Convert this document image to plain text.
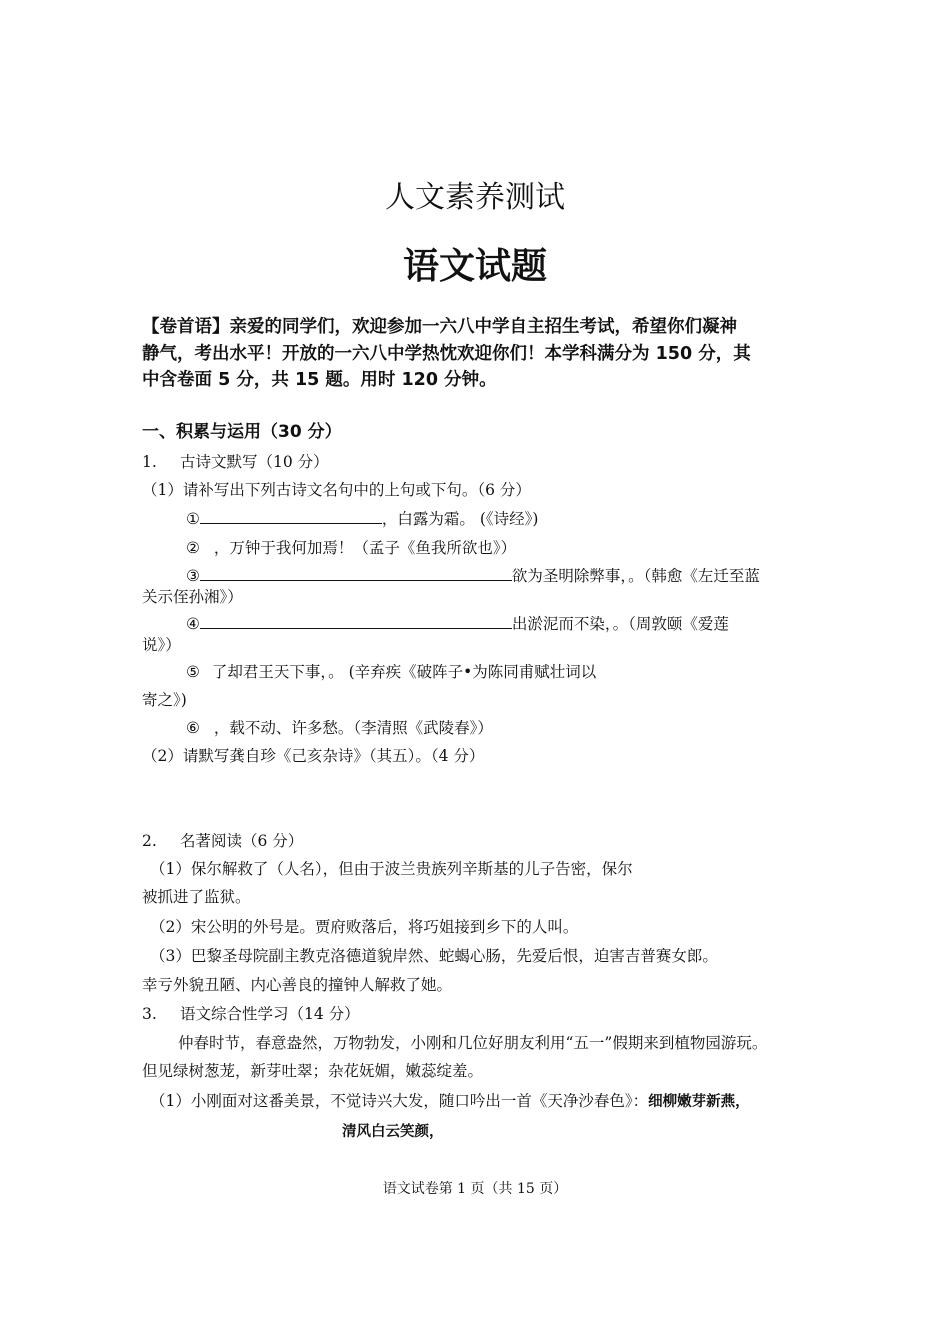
人文素养测试
语文试题
【卷首语】亲爱的同学们，欢迎参加一六八中学自主招生考试，希望你们凝神
静气，考出水平！开放的一六八中学热忱欢迎你们！本学科满分为 150 分，其
中含卷面 5 分，共 15 题。用时 120 分钟。
一、积累与运用（30 分）
1. 古诗文默写（10 分）
（1）请补写出下列古诗文名句中的上句或下句。（6 分）
①	，白露为霜。 (《诗经》)
② ，万钟于我何加焉！（孟子《鱼我所欲也》）
③	欲为圣明除弊事，。（韩愈《左迁至蓝
关示侄孙湘》）
④	出淤泥而不染，。（周敦颐《爱莲
说》）
⑤ 了却君王天下事，。 (辛弃疾《破阵子•为陈同甫赋壮词以
寄之》)
⑥ ，载不动、许多愁。（李清照《武陵春》）
（2）请默写龚自珍《己亥杂诗》（其五）。（4 分）
2. 名著阅读（6 分）
（1）保尔解救了（人名），但由于波兰贵族列辛斯基的儿子告密，保尔
被抓进了监狱。
（2）宋公明的外号是。贾府败落后，将巧姐接到乡下的人叫。
（3）巴黎圣母院副主教克洛德道貌岸然、蛇蝎心肠，先爱后恨，迫害吉普赛女郎。
幸亏外貌丑陋、内心善良的撞钟人解救了她。
3. 语文综合性学习（14 分）
仲春时节，春意盎然，万物勃发，小刚和几位好朋友利用“五一”假期来到植物园游玩。
但见绿树葱茏，新芽吐翠；杂花妩媚，嫩蕊绽羞。
（1）小刚面对这番美景，不觉诗兴大发，随口吟出一首《天净沙春色》：细柳嫩芽新燕，
清风白云笑颜，
语文试卷第 1 页（共 15 页）
